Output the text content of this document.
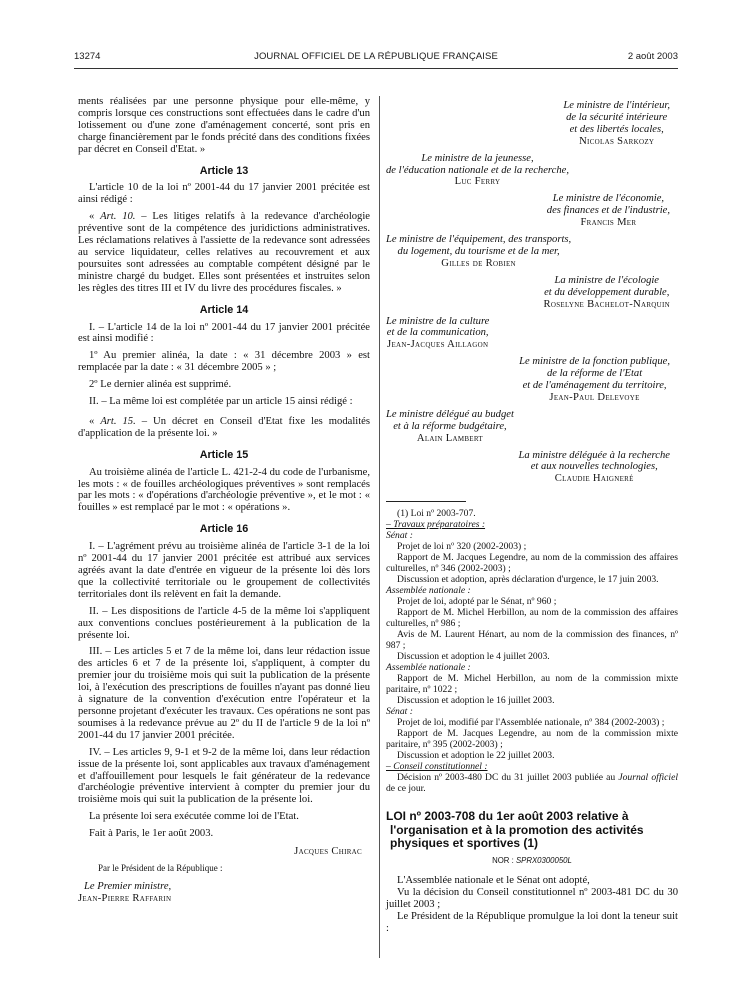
13274	JOURNAL OFFICIEL DE LA RÉPUBLIQUE FRANÇAISE	2 août 2003

ments réalisées par une personne physique pour elle-même, y compris lorsque ces constructions sont effectuées dans le cadre d'un lotissement ou d'une zone d'aménagement concerté, sont pris en charge financièrement par le fonds précité dans des conditions fixées par décret en Conseil d'Etat. »

Article 13

L'article 10 de la loi nº 2001-44 du 17 janvier 2001 précitée est ainsi rédigé :

« Art. 10. – Les litiges relatifs à la redevance d'archéologie préventive sont de la compétence des juridictions administratives. Les réclamations relatives à l'assiette de la redevance sont adressées au service liquidateur, celles relatives au recouvrement et aux poursuites sont adressées au comptable compétent désigné par le ministre chargé du budget. Elles sont présentées et instruites selon les règles des titres III et IV du livre des procédures fiscales. »

Article 14

I. – L'article 14 de la loi nº 2001-44 du 17 janvier 2001 précitée est ainsi modifié :

1º Au premier alinéa, la date : « 31 décembre 2003 » est remplacée par la date : « 31 décembre 2005 » ;

2º Le dernier alinéa est supprimé.

II. – La même loi est complétée par un article 15 ainsi rédigé :

« Art. 15. – Un décret en Conseil d'Etat fixe les modalités d'application de la présente loi. »

Article 15

Au troisième alinéa de l'article L. 421-2-4 du code de l'urbanisme, les mots : « de fouilles archéologiques préventives » sont remplacés par les mots : « d'opérations d'archéologie préventive », et le mot : « fouilles » est remplacé par le mot : « opérations ».

Article 16

I. – L'agrément prévu au troisième alinéa de l'article 3-1 de la loi nº 2001-44 du 17 janvier 2001 précitée est attribué aux services agréés avant la date d'entrée en vigueur de la présente loi dès lors que la collectivité territoriale ou le groupement de collectivités territoriales dont ils relèvent en fait la demande.

II. – Les dispositions de l'article 4-5 de la même loi s'appliquent aux conventions conclues postérieurement à la publication de la présente loi.

III. – Les articles 5 et 7 de la même loi, dans leur rédaction issue des articles 6 et 7 de la présente loi, s'appliquent, à compter du premier jour du troisième mois qui suit la publication de la présente loi, à l'exécution des prescriptions de fouilles n'ayant pas donné lieu à signature de la convention d'exécution entre l'opérateur et la personne projetant d'exécuter les travaux. Ces opérations ne sont pas soumises à la redevance prévue au 2º du II de l'article 9 de la loi nº 2001-44 du 17 janvier 2001 précitée.

IV. – Les articles 9, 9-1 et 9-2 de la même loi, dans leur rédaction issue de la présente loi, sont applicables aux travaux d'aménagement et d'affouillement pour lesquels le fait générateur de la redevance d'archéologie préventive intervient à compter du premier jour du troisième mois qui suit la publication de la présente loi.

La présente loi sera exécutée comme loi de l'Etat.

Fait à Paris, le 1er août 2003.

Jacques Chirac

Par le Président de la République :

Le Premier ministre,

Jean-Pierre Raffarin

Le ministre de l'intérieur,

de la sécurité intérieure

et des libertés locales,

Nicolas Sarkozy

Le ministre de la jeunesse,

de l'éducation nationale et de la recherche,

Luc Ferry

Le ministre de l'économie,

des finances et de l'industrie,

Francis Mer

Le ministre de l'équipement, des transports,

du logement, du tourisme et de la mer,

Gilles de Robien

La ministre de l'écologie

et du développement durable,

Roselyne Bachelot-Narquin

Le ministre de la culture

et de la communication,

Jean-Jacques Aillagon

Le ministre de la fonction publique,

de la réforme de l'Etat

et de l'aménagement du territoire,

Jean-Paul Delevoye

Le ministre délégué au budget

et à la réforme budgétaire,

Alain Lambert

La ministre déléguée à la recherche

et aux nouvelles technologies,

Claudie Haigneré

(1) Loi nº 2003-707.

– Travaux préparatoires :

Sénat :

Projet de loi nº 320 (2002-2003) ;

Rapport de M. Jacques Legendre, au nom de la commission des affaires culturelles, nº 346 (2002-2003) ;

Discussion et adoption, après déclaration d'urgence, le 17 juin 2003.

Assemblée nationale :

Projet de loi, adopté par le Sénat, nº 960 ;

Rapport de M. Michel Herbillon, au nom de la commission des affaires culturelles, nº 986 ;

Avis de M. Laurent Hénart, au nom de la commission des finances, nº 987 ;

Discussion et adoption le 4 juillet 2003.

Assemblée nationale :

Rapport de M. Michel Herbillon, au nom de la commission mixte paritaire, nº 1022 ;

Discussion et adoption le 16 juillet 2003.

Sénat :

Projet de loi, modifié par l'Assemblée nationale, nº 384 (2002-2003) ;

Rapport de M. Jacques Legendre, au nom de la commission mixte paritaire, nº 395 (2002-2003) ;

Discussion et adoption le 22 juillet 2003.

– Conseil constitutionnel :

Décision nº 2003-480 DC du 31 juillet 2003 publiée au Journal officiel de ce jour.

LOI nº 2003-708 du 1er août 2003 relative à l'organisation et à la promotion des activités physiques et sportives (1)
NOR : SPRX0300050L

L'Assemblée nationale et le Sénat ont adopté,

Vu la décision du Conseil constitutionnel nº 2003-481 DC du 30 juillet 2003 ;

Le Président de la République promulgue la loi dont la teneur suit :
